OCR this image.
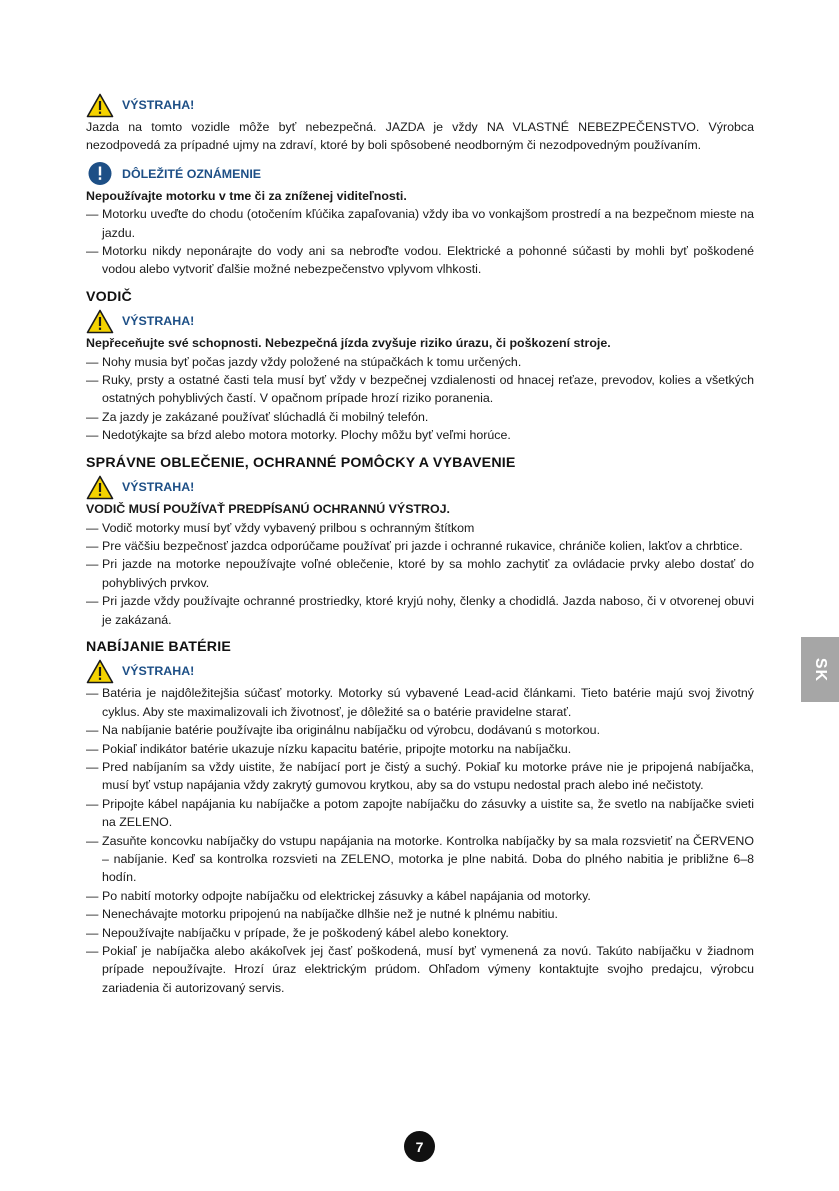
VÝSTRAHA!

Jazda na tomto vozidle môže byť nebezpečná. JAZDA je vždy NA VLASTNÉ NEBEZPEČENSTVO. Výrobca nezodpovedá za prípadné ujmy na zdraví, ktoré by boli spôsobené neodborným či nezodpovedným používaním.

DÔLEŽITÉ OZNÁMENIE

Nepoužívajte motorku v tme či za zníženej viditeľnosti.

— Motorku uveďte do chodu (otočením kľúčika zapaľovania) vždy iba vo vonkajšom prostredí a na bezpečnom mieste na jazdu.
— Motorku nikdy neponárajte do vody ani sa nebroďte vodou. Elektrické a pohonné súčasti by mohli byť poškodené vodou alebo vytvoriť ďalšie možné nebezpečenstvo vplyvom vlhkosti.
VODIČ
VÝSTRAHA!

Nepřeceňujte své schopnosti. Nebezpečná jízda zvyšuje riziko úrazu, či poškození stroje.

— Nohy musia byť počas jazdy vždy položené na stúpačkách k tomu určených.
— Ruky, prsty a ostatné časti tela musí byť vždy v bezpečnej vzdialenosti od hnacej reťaze, prevodov, kolies a všetkých ostatných pohyblivých častí. V opačnom prípade hrozí riziko poranenia.
— Za jazdy je zakázané používať slúchadlá či mobilný telefón.
— Nedotýkajte sa bŕzd alebo motora motorky. Plochy môžu byť veľmi horúce.
SPRÁVNE OBLEČENIE, OCHRANNÉ POMÔCKY A VYBAVENIE
VÝSTRAHA!

VODIČ MUSÍ POUŽÍVAŤ PREDPÍSANÚ OCHRANNÚ VÝSTROJ.

— Vodič motorky musí byť vždy vybavený prilbou s ochranným štítkom
— Pre väčšiu bezpečnosť jazdca odporúčame používať pri jazde i ochranné rukavice, chrániče kolien, lakťov a chrbtice.
— Pri jazde na motorke nepoužívajte voľné oblečenie, ktoré by sa mohlo zachytiť za ovládacie prvky alebo dostať do pohyblivých prvkov.
— Pri jazde vždy používajte ochranné prostriedky, ktoré kryjú nohy, členky a chodidlá. Jazda naboso, či v otvorenej obuvi je zakázaná.
NABÍJANIE BATÉRIE
VÝSTRAHA!
— Batéria je najdôležitejšia súčasť motorky. Motorky sú vybavené Lead-acid článkami. Tieto batérie majú svoj životný cyklus. Aby ste maximalizovali ich životnosť, je dôležité sa o batérie pravidelne starať.
— Na nabíjanie batérie používajte iba originálnu nabíjačku od výrobcu, dodávanú s motorkou.
— Pokiaľ indikátor batérie ukazuje nízku kapacitu batérie, pripojte motorku na nabíjačku.
— Pred nabíjaním sa vždy uistite, že nabíjací port je čistý a suchý. Pokiaľ ku motorke práve nie je pripojená nabíjačka, musí byť vstup napájania vždy zakrytý gumovou krytkou, aby sa do vstupu nedostal prach alebo iné nečistoty.
— Pripojte kábel napájania ku nabíjačke a potom zapojte nabíjačku do zásuvky a uistite sa, že svetlo na nabíjačke svieti na ZELENO.
— Zasuňte koncovku nabíjačky do vstupu napájania na motorke. Kontrolka nabíjačky by sa mala rozsvietiť na ČERVENO – nabíjanie. Keď sa kontrolka rozsvieti na ZELENO, motorka je plne nabitá. Doba do plného nabitia je približne 6–8 hodín.
— Po nabití motorky odpojte nabíjačku od elektrickej zásuvky a kábel napájania od motorky.
— Nenechávajte motorku pripojenú na nabíjačke dlhšie než je nutné k plnému nabitiu.
— Nepoužívajte nabíjačku v prípade, že je poškodený kábel alebo konektory.
— Pokiaľ je nabíjačka alebo akákoľvek jej časť poškodená, musí byť vymenená za novú. Takúto nabíjačku v žiadnom prípade nepoužívajte. Hrozí úraz elektrickým prúdom. Ohľadom výmeny kontaktujte svojho predajcu, výrobcu zariadenia či autorizovaný servis.
SK
7
